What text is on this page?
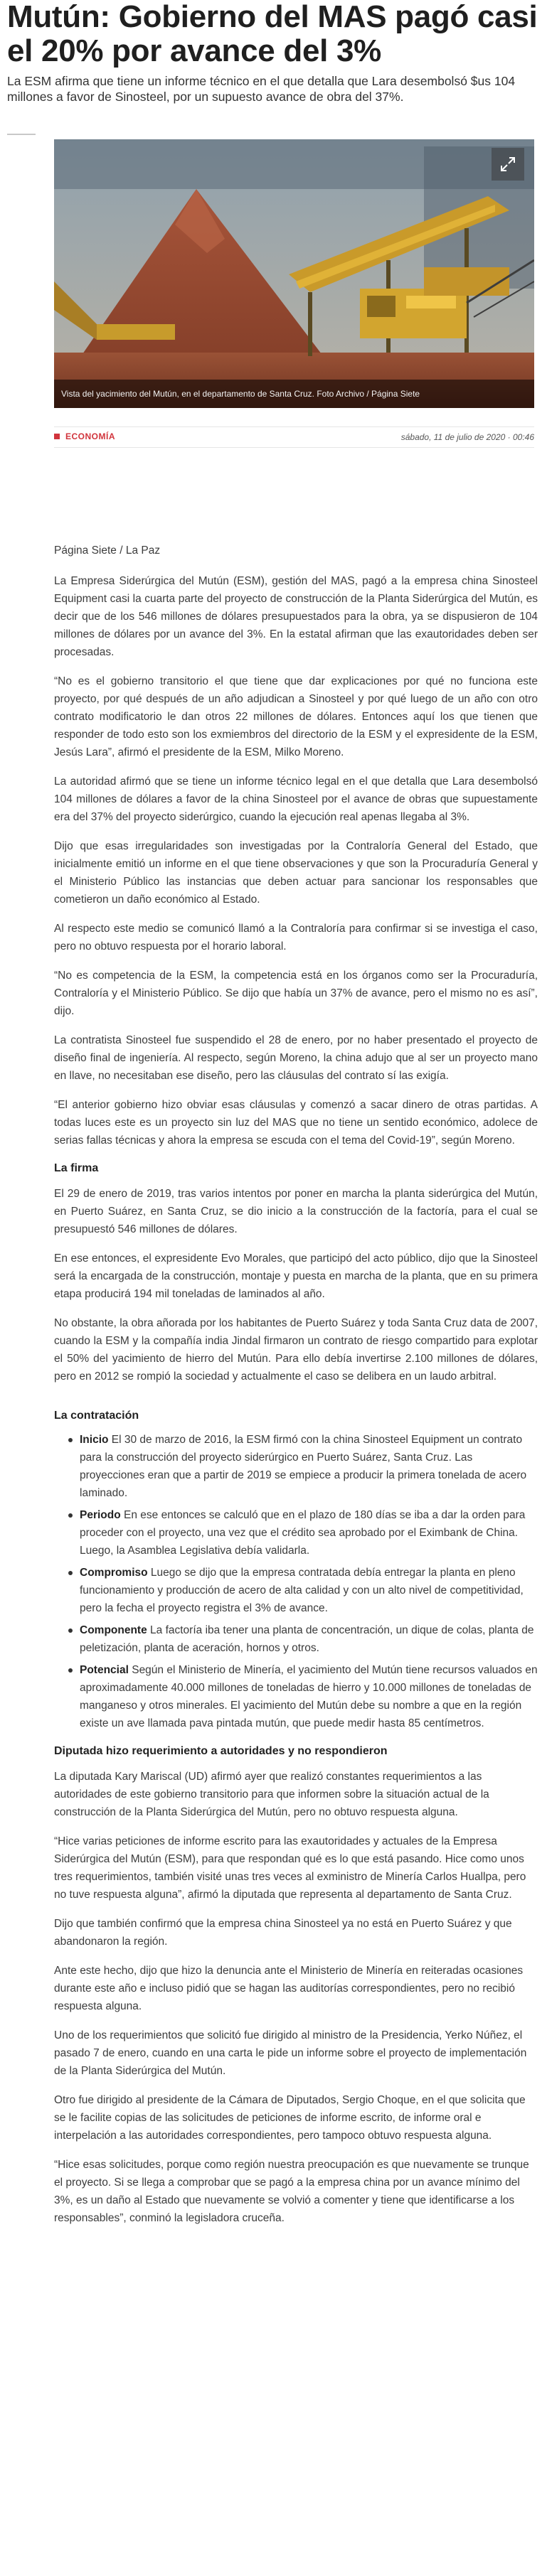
Mutún: Gobierno del MAS pagó casi el 20% por avance del 3%

La ESM afirma que tiene un informe técnico en el que detalla que Lara desembolsó $us 104 millones a favor de Sinosteel, por un supuesto avance de obra del 37%.

Vista del yacimiento del Mutún, en el departamento de Santa Cruz. Foto Archivo / Página Siete
ECONOMÍA	sábado, 11 de julio de 2020 · 00:46

Página Siete / La Paz

La Empresa Siderúrgica del Mutún (ESM), gestión del MAS, pagó a la empresa china Sinosteel Equipment casi la cuarta parte del proyecto de construcción de la Planta Siderúrgica del Mutún, es decir que de los 546 millones de dólares presupuestados para la obra, ya se dispusieron de 104 millones de dólares por un avance del 3%. En la estatal afirman que las exautoridades deben ser procesadas.

“No es el gobierno transitorio el que tiene que dar explicaciones por qué no funciona este proyecto, por qué después de un año adjudican a Sinosteel y por qué luego de un año con otro contrato modificatorio le dan otros 22 millones de dólares. Entonces aquí los que tienen que responder de todo esto son los exmiembros del directorio de la ESM y el expresidente de la ESM, Jesús Lara”, afirmó el presidente de la ESM, Milko Moreno.

La autoridad afirmó que se tiene un informe técnico legal en el que detalla que Lara desembolsó 104 millones de dólares a favor de la china Sinosteel por el avance de obras que supuestamente era del 37% del proyecto siderúrgico, cuando la ejecución real apenas llegaba al 3%.

Dijo que esas irregularidades son investigadas por la Contraloría General del Estado, que inicialmente emitió un informe en el que tiene observaciones y que son la Procuraduría General y el Ministerio Público las instancias que deben actuar para sancionar los responsables que cometieron un daño económico al Estado.

Al respecto este medio se comunicó llamó a la Contraloría para confirmar si se investiga el caso, pero no obtuvo respuesta por el horario laboral.

“No es competencia de la ESM, la competencia está en los órganos como ser la Procuraduría, Contraloría y el Ministerio Público. Se dijo que había un 37% de avance, pero el mismo no es así”, dijo.

La contratista Sinosteel fue suspendido el 28 de enero, por no haber presentado el proyecto de diseño final de ingeniería. Al respecto, según Moreno, la china adujo que al ser un proyecto mano en llave, no necesitaban ese diseño, pero las cláusulas del contrato sí las exigía.

“El anterior gobierno hizo obviar esas cláusulas y comenzó a sacar dinero de otras partidas. A todas luces este es un proyecto sin luz del MAS que no tiene un sentido económico, adolece de serias fallas técnicas y ahora la empresa se escuda con el tema del Covid-19”, según Moreno.

La firma

El 29 de enero de 2019, tras varios intentos por poner en marcha la planta siderúrgica del Mutún, en Puerto Suárez, en Santa Cruz, se dio inicio a la construcción de la factoría, para el cual se presupuestó 546 millones de dólares.

En ese entonces, el expresidente Evo Morales, que participó del acto público, dijo que la Sinosteel será la encargada de la construcción, montaje y puesta en marcha de la planta, que en su primera etapa producirá 194 mil toneladas de laminados al año.

No obstante, la obra añorada por los habitantes de Puerto Suárez y toda Santa Cruz data de 2007, cuando la ESM y la compañía india Jindal firmaron un contrato de riesgo compartido para explotar el 50% del yacimiento de hierro del Mutún. Para ello debía invertirse 2.100 millones de dólares, pero en 2012 se rompió la sociedad y actualmente el caso se delibera en un laudo arbitral.

La contratación
Inicio El 30 de marzo de 2016, la ESM firmó con la china Sinosteel Equipment un contrato para la construcción del proyecto siderúrgico en Puerto Suárez, Santa Cruz. Las proyecciones eran que a partir de 2019 se empiece a producir la primera tonelada de acero laminado.
Periodo En ese entonces se calculó que en el plazo de 180 días se iba a dar la orden para proceder con el proyecto, una vez que el crédito sea aprobado por el Eximbank de China. Luego, la Asamblea Legislativa debía validarla.
Compromiso Luego se dijo que la empresa contratada debía entregar la planta en pleno funcionamiento y producción de acero de alta calidad y con un alto nivel de competitividad, pero la fecha el proyecto registra el 3% de avance.
Componente La factoría iba tener una planta de concentración, un dique de colas, planta de peletización, planta de aceración, hornos y otros.
Potencial Según el Ministerio de Minería, el yacimiento del Mutún tiene recursos valuados en aproximadamente 40.000 millones de toneladas de hierro y 10.000 millones de toneladas de manganeso y otros minerales. El yacimiento del Mutún debe su nombre a que en la región existe un ave llamada pava pintada mutún, que puede medir hasta 85 centímetros.
Diputada hizo requerimiento a autoridades y no respondieron

La diputada Kary Mariscal (UD) afirmó ayer que realizó constantes requerimientos a las autoridades de este gobierno transitorio para que informen sobre la situación actual de la construcción de la Planta Siderúrgica del Mutún, pero no obtuvo respuesta alguna.

“Hice varias peticiones de informe escrito para las exautoridades y actuales de la Empresa Siderúrgica del Mutún (ESM), para que respondan qué es lo que está pasando. Hice como unos tres requerimientos, también visité unas tres veces al exministro de Minería Carlos Huallpa, pero no tuve respuesta alguna”, afirmó la diputada que representa al departamento de Santa Cruz.

Dijo que también confirmó que la empresa china Sinosteel ya no está en Puerto Suárez y que abandonaron la región.

Ante este hecho, dijo que hizo la denuncia ante el Ministerio de Minería en reiteradas ocasiones durante este año e incluso pidió que se hagan las auditorías correspondientes, pero no recibió respuesta alguna.

Uno de los requerimientos que solicitó fue dirigido al ministro de la Presidencia, Yerko Núñez, el pasado 7 de enero, cuando en una carta le pide un informe sobre el proyecto de implementación de la Planta Siderúrgica del Mutún.

Otro fue dirigido al presidente de la Cámara de Diputados, Sergio Choque, en el que solicita que se le facilite copias de las solicitudes de peticiones de informe escrito, de informe oral e interpelación a las autoridades correspondientes, pero tampoco obtuvo respuesta alguna.

“Hice esas solicitudes, porque como región nuestra preocupación es que nuevamente se trunque el proyecto. Si se llega a comprobar que se pagó a la empresa china por un avance mínimo del 3%, es un daño al Estado que nuevamente se volvió a comenter y tiene que identificarse a los responsables”, conminó la legisladora cruceña.
